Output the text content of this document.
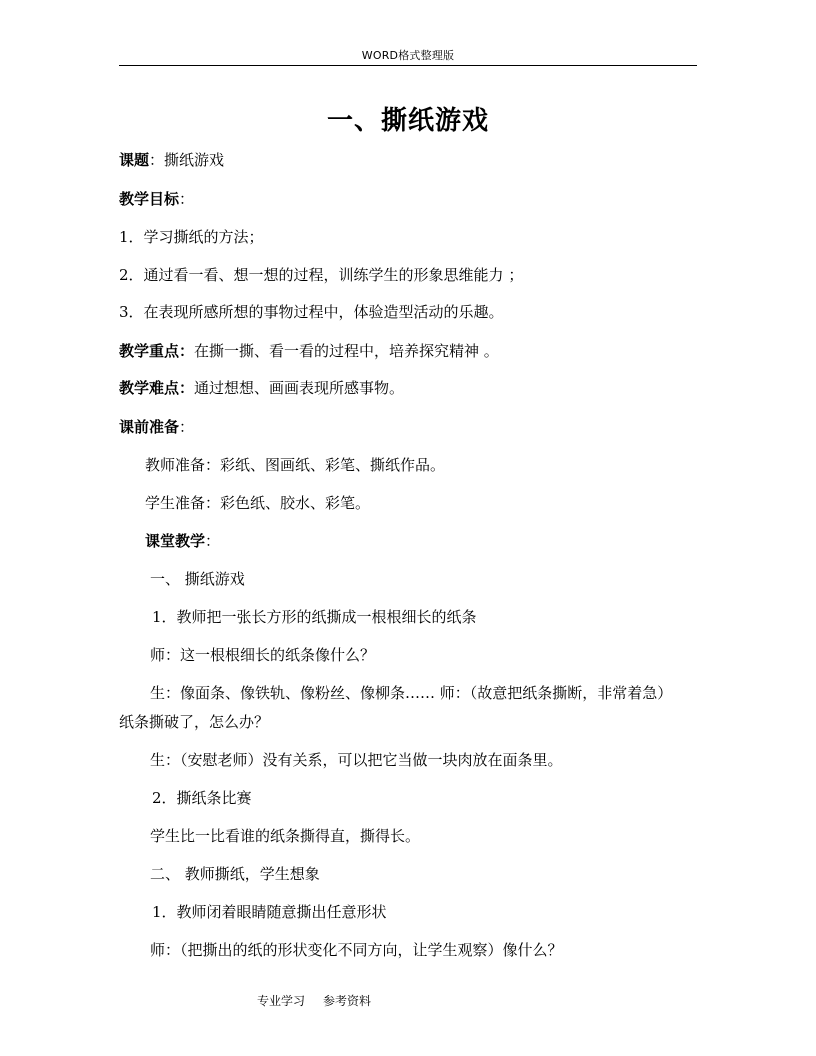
WORD格式整理版
一、撕纸游戏
课题：撕纸游戏
教学目标：
1．学习撕纸的方法；
2．通过看一看、想一想的过程，训练学生的形象思维能力 ；
3．在表现所感所想的事物过程中，体验造型活动的乐趣。
教学重点：在撕一撕、看一看的过程中，培养探究精神 。
教学难点：通过想想、画画表现所感事物。
课前准备：
教师准备：彩纸、图画纸、彩笔、撕纸作品。
学生准备：彩色纸、胶水、彩笔。
课堂教学：
一、 撕纸游戏
1．教师把一张长方形的纸撕成一根根细长的纸条
师：这一根根细长的纸条像什么？
生：像面条、像铁轨、像粉丝、像柳条…… 师：（故意把纸条撕断，非常着急）
纸条撕破了，怎么办？
生：（安慰老师）没有关系，可以把它当做一块肉放在面条里。
2．撕纸条比赛
学生比一比看谁的纸条撕得直，撕得长。
二、 教师撕纸，学生想象
1．教师闭着眼睛随意撕出任意形状
师：（把撕出的纸的形状变化不同方向，让学生观察）像什么？
专业学习 参考资料
